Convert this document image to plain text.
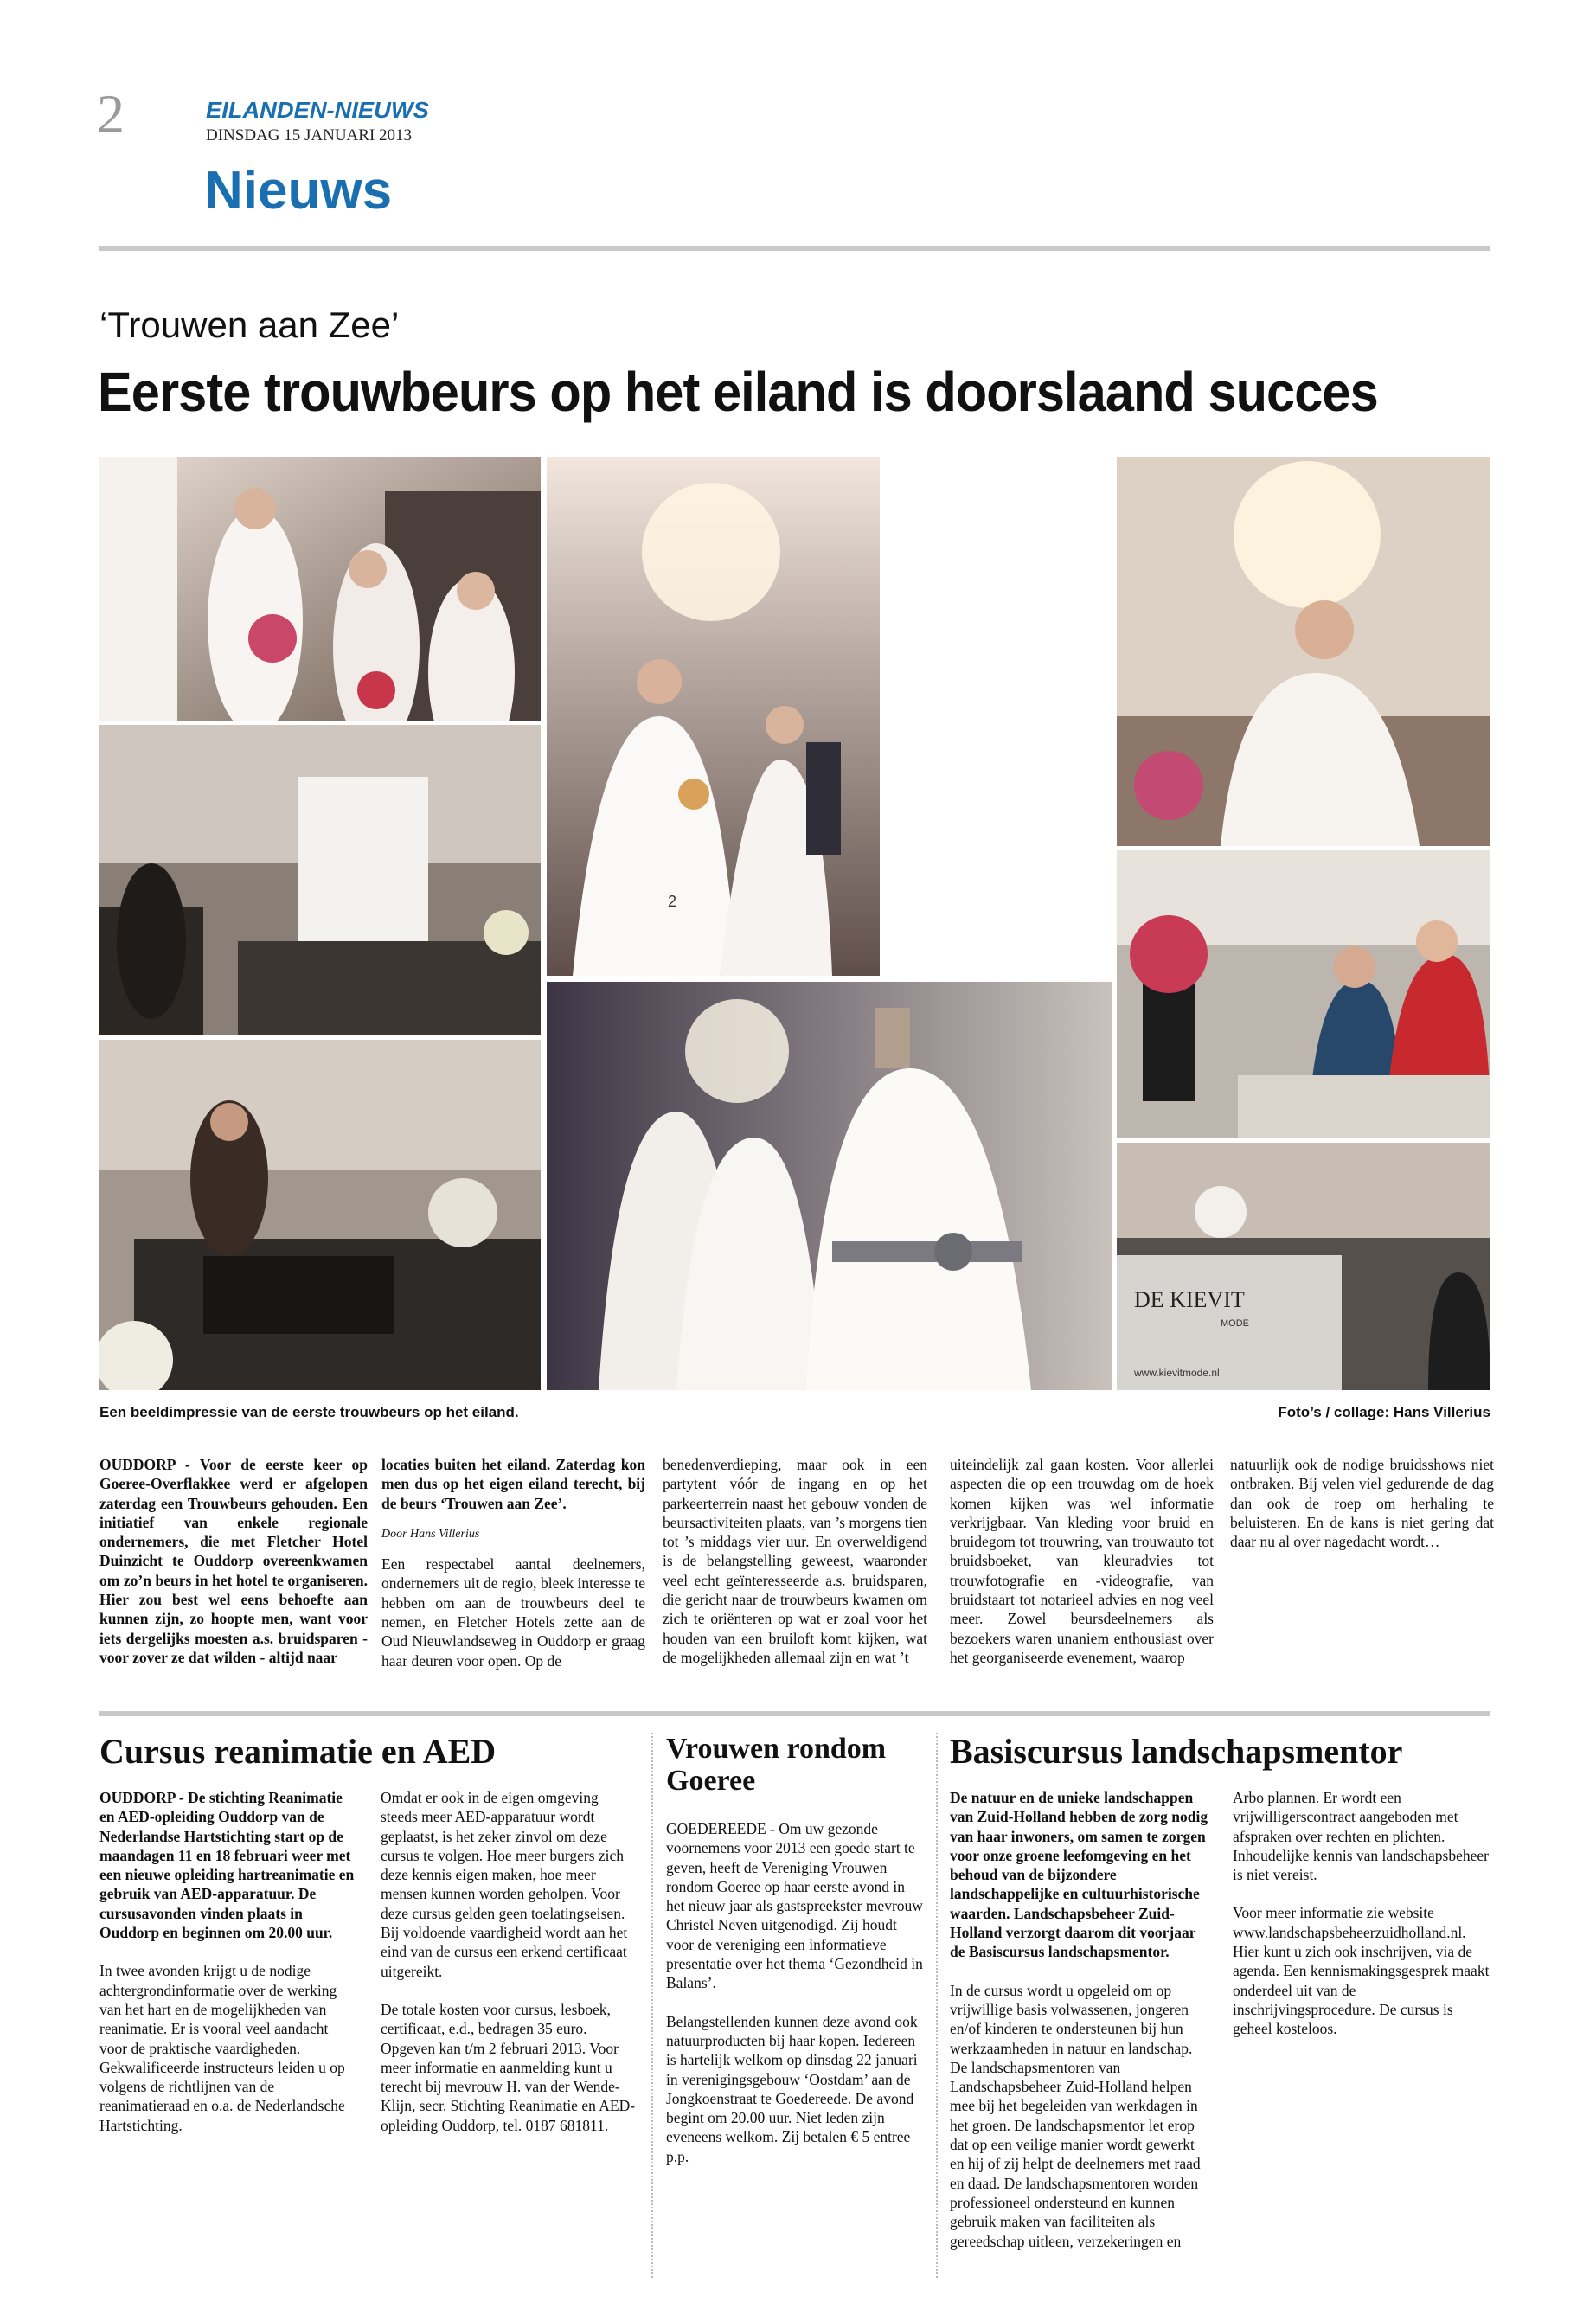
2	EILANDEN-NIEUWS
DINSDAG 15 JANUARI 2013
Nieuws
‘Trouwen aan Zee’
Eerste trouwbeurs op het eiland is doorslaand succes
2
DE KIEVIT
MODE
www.kievitmode.nl
Een beeldimpressie van de eerste trouwbeurs op het eiland.	Foto’s / collage: Hans Villerius
OUDDORP - Voor de eerste keer op Goeree-Overflakkee werd er afgelopen zaterdag een Trouwbeurs gehouden. Een initiatief van enkele regionale ondernemers, die met Fletcher Hotel Duinzicht te Ouddorp overeenkwamen om zo’n beurs in het hotel te organiseren. Hier zou best wel eens behoefte aan kunnen zijn, zo hoopte men, want voor iets dergelijks moesten a.s. bruidsparen - voor zover ze dat wilden - altijd naar
locaties buiten het eiland. Zaterdag kon men dus op het eigen eiland terecht, bij de beurs ‘Trouwen aan Zee’.
Door Hans Villerius
Een respectabel aantal deelnemers, ondernemers uit de regio, bleek interesse te hebben om aan de trouwbeurs deel te nemen, en Fletcher Hotels zette aan de Oud Nieuwlandseweg in Ouddorp er graag haar deuren voor open. Op de
benedenverdieping, maar ook in een partytent vóór de ingang en op het parkeerterrein naast het gebouw vonden de beursactiviteiten plaats, van ’s morgens tien tot ’s middags vier uur. En overweldigend is de belangstelling geweest, waaronder veel echt geïnteresseerde a.s. bruidsparen, die gericht naar de trouwbeurs kwamen om zich te oriënteren op wat er zoal voor het houden van een bruiloft komt kijken, wat de mogelijkheden allemaal zijn en wat ’t
uiteindelijk zal gaan kosten. Voor allerlei aspecten die op een trouwdag om de hoek komen kijken was wel informatie verkrijgbaar. Van kleding voor bruid en bruidegom tot trouwring, van trouwauto tot bruidsboeket, van kleuradvies tot trouwfotografie en -videografie, van bruidstaart tot notarieel advies en nog veel meer. Zowel beursdeelnemers als bezoekers waren unaniem enthousiast over het georganiseerde evenement, waarop
natuurlijk ook de nodige bruidsshows niet ontbraken. Bij velen viel gedurende de dag dan ook de roep om herhaling te beluisteren. En de kans is niet gering dat daar nu al over nagedacht wordt…
Cursus reanimatie en AED

OUDDORP - De stichting Reanimatie en AED-opleiding Ouddorp van de Nederlandse Hartstichting start op de maandagen 11 en 18 februari weer met een nieuwe opleiding hartreanimatie en gebruik van AED-apparatuur. De cursusavonden vinden plaats in Ouddorp en beginnen om 20.00 uur.

In twee avonden krijgt u de nodige achtergrondinformatie over de werking van het hart en de mogelijkheden van reanimatie. Er is vooral veel aandacht voor de praktische vaardigheden. Gekwalificeerde instructeurs leiden u op volgens de richtlijnen van de reanimatieraad en o.a. de Nederlandsche Hartstichting.

Omdat er ook in de eigen omgeving steeds meer AED-apparatuur wordt geplaatst, is het zeker zinvol om deze cursus te volgen. Hoe meer burgers zich deze kennis eigen maken, hoe meer mensen kunnen worden geholpen. Voor deze cursus gelden geen toelatingseisen. Bij voldoende vaardigheid wordt aan het eind van de cursus een erkend certificaat uitgereikt.

De totale kosten voor cursus, lesboek, certificaat, e.d., bedragen 35 euro. Opgeven kan t/m 2 februari 2013. Voor meer informatie en aanmelding kunt u terecht bij mevrouw H. van der Wende-Klijn, secr. Stichting Reanimatie en AED-opleiding Ouddorp, tel. 0187 681811.

Vrouwen rondom Goeree

GOEDEREEDE - Om uw gezonde voornemens voor 2013 een goede start te geven, heeft de Vereniging Vrouwen rondom Goeree op haar eerste avond in het nieuw jaar als gastspreekster mevrouw Christel Neven uitgenodigd. Zij houdt voor de vereniging een informatieve presentatie over het thema ‘Gezondheid in Balans’.

Belangstellenden kunnen deze avond ook natuurproducten bij haar kopen. Iedereen is hartelijk welkom op dinsdag 22 januari in verenigingsgebouw ‘Oostdam’ aan de Jongkoenstraat te Goedereede. De avond begint om 20.00 uur. Niet leden zijn eveneens welkom. Zij betalen € 5 entree p.p.

Basiscursus landschapsmentor

De natuur en de unieke landschappen van Zuid-Holland hebben de zorg nodig van haar inwoners, om samen te zorgen voor onze groene leefomgeving en het behoud van de bijzondere landschappelijke en cultuurhistorische waarden. Landschapsbeheer Zuid-Holland verzorgt daarom dit voorjaar de Basiscursus landschapsmentor.

In de cursus wordt u opgeleid om op vrijwillige basis volwassenen, jongeren en/of kinderen te ondersteunen bij hun werkzaamheden in natuur en landschap. De landschapsmentoren van Landschapsbeheer Zuid-Holland helpen mee bij het begeleiden van werkdagen in het groen. De landschapsmentor let erop dat op een veilige manier wordt gewerkt en hij of zij helpt de deelnemers met raad en daad. De landschapsmentoren worden professioneel ondersteund en kunnen gebruik maken van faciliteiten als gereedschap uitleen, verzekeringen en

Arbo plannen. Er wordt een vrijwilligerscontract aangeboden met afspraken over rechten en plichten. Inhoudelijke kennis van landschapsbeheer is niet vereist.

Voor meer informatie zie website www.landschapsbeheerzuidholland.nl. Hier kunt u zich ook inschrijven, via de agenda. Een kennismakingsgesprek maakt onderdeel uit van de inschrijvingsprocedure. De cursus is geheel kosteloos.
